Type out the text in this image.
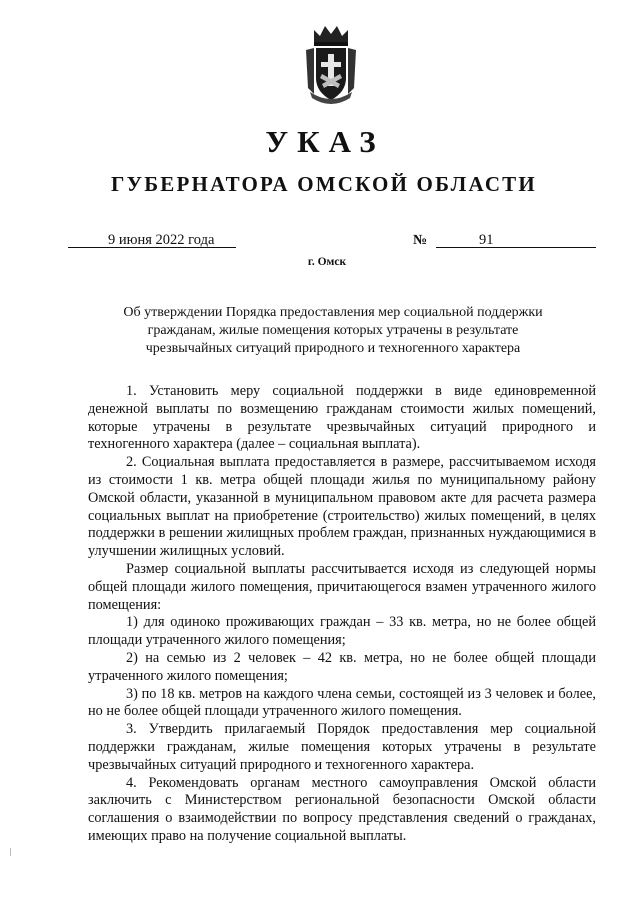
УКАЗ
ГУБЕРНАТОРА ОМСКОЙ ОБЛАСТИ
9 июня 2022 года	№	91
г. Омск
Об утверждении Порядка предоставления мер социальной поддержки
гражданам, жилые помещения которых утрачены в результате
чрезвычайных ситуаций природного и техногенного характера

1. Установить меру социальной поддержки в виде единовременной денежной выплаты по возмещению гражданам стоимости жилых помещений, которые утрачены в результате чрезвычайных ситуаций природного и техногенного характера (далее – социальная выплата).

2. Социальная выплата предоставляется в размере, рассчитываемом исходя из стоимости 1 кв. метра общей площади жилья по муниципальному району Омской области, указанной в муниципальном правовом акте для расчета размера социальных выплат на приобретение (строительство) жилых помещений, в целях поддержки в решении жилищных проблем граждан, признанных нуждающимися в улучшении жилищных условий.

Размер социальной выплаты рассчитывается исходя из следующей нормы общей площади жилого помещения, причитающегося взамен утраченного жилого помещения:

1) для одиноко проживающих граждан – 33 кв. метра, но не более общей площади утраченного жилого помещения;

2) на семью из 2 человек – 42 кв. метра, но не более общей площади утраченного жилого помещения;

3) по 18 кв. метров на каждого члена семьи, состоящей из 3 человек и более, но не более общей площади утраченного жилого помещения.

3. Утвердить прилагаемый Порядок предоставления мер социальной поддержки гражданам, жилые помещения которых утрачены в результате чрезвычайных ситуаций природного и техногенного характера.

4. Рекомендовать органам местного самоуправления Омской области заключить с Министерством региональной безопасности Омской области соглашения о взаимодействии по вопросу представления сведений о гражданах, имеющих право на получение социальной выплаты.
